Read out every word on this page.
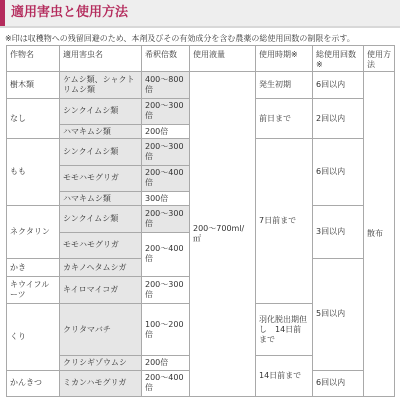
適用害虫と使用方法
※印は収穫物への残留回避のため、本剤及びその有効成分を含む農薬の総使用回数の制限を示す。
作物名	適用害虫名	希釈倍数	使用液量	使用時期※	総使用回数※	使用方法
樹木類	ケムシ類、シャクトリムシ類	400〜800倍	200〜700ml/㎡	発生初期	6回以内	散布
なし	シンクイムシ類	200〜300倍		前日まで	2回以内	
	ハマキムシ類	200倍				
もも	シンクイムシ類	200〜300倍		7日前まで	6回以内	
	モモハモグリガ	200〜400倍				
	ハマキムシ類	300倍				
ネクタリン	シンクイムシ類	200〜300倍			3回以内	
	モモハモグリガ	200〜400倍				
かき	カキノヘタムシガ				5回以内	
キウイフルーツ	キイロマイコガ	200〜300倍				
くり	クリタマバチ	100〜200倍		羽化脱出期但し　14日前まで		
	クリシギゾウムシ	200倍		14日前まで		
かんきつ	ミカンハモグリガ	200〜400倍			6回以内	
